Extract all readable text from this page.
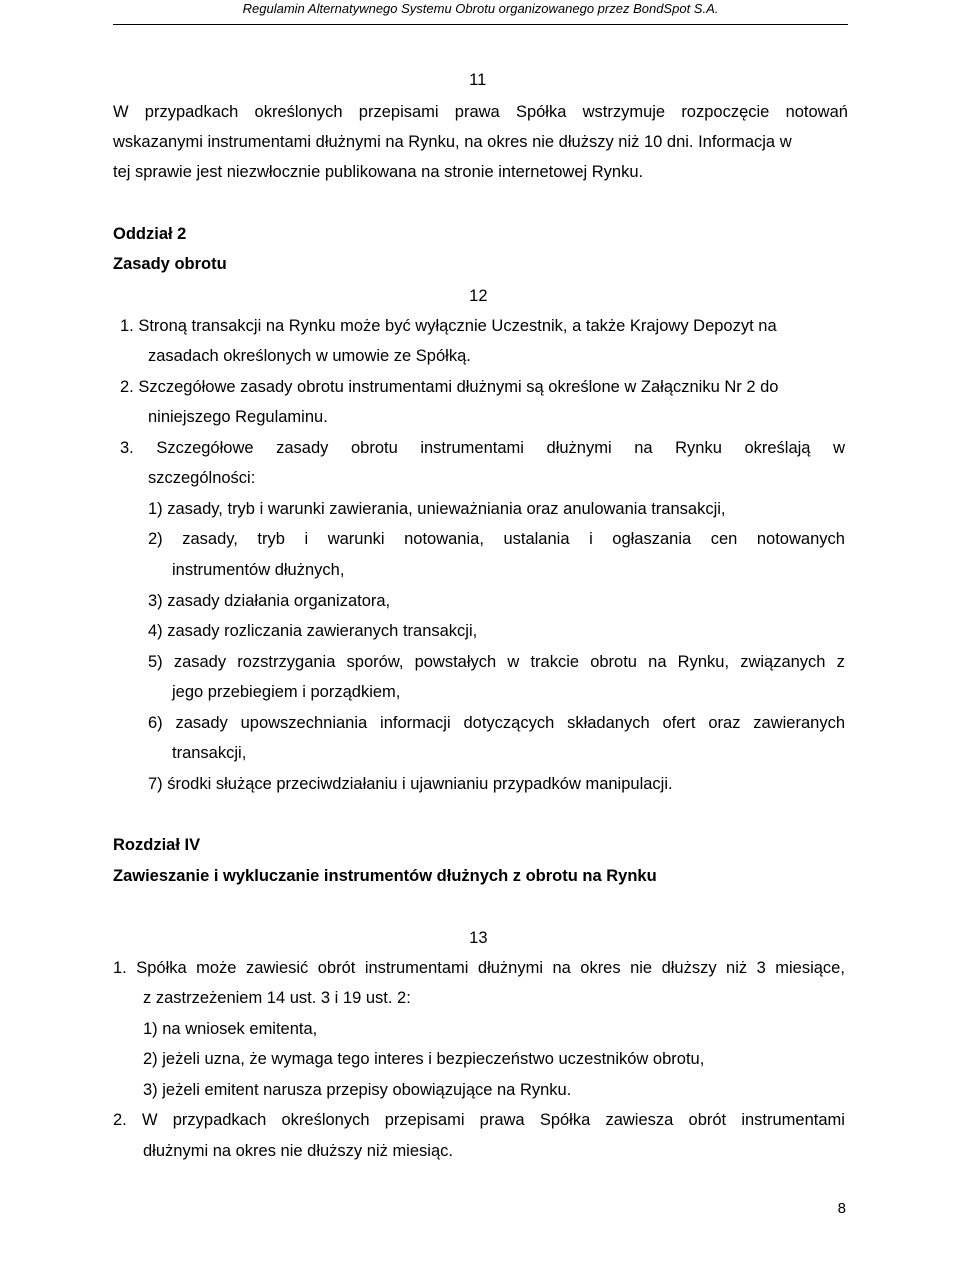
Regulamin Alternatywnego Systemu Obrotu organizowanego przez BondSpot S.A.
11
W przypadkach określonych przepisami prawa Spółka wstrzymuje rozpoczęcie notowań
wskazanymi instrumentami dłużnymi na Rynku, na okres nie dłuższy niż 10 dni. Informacja w
tej sprawie jest niezwłocznie publikowana na stronie internetowej Rynku.
Oddział 2
Zasady obrotu
12
1. Stroną transakcji na Rynku może być wyłącznie Uczestnik, a także Krajowy Depozyt na
zasadach określonych w umowie ze Spółką.
2. Szczegółowe zasady obrotu instrumentami dłużnymi są określone w Załączniku Nr 2 do
niniejszego Regulaminu.
3. Szczegółowe zasady obrotu instrumentami dłużnymi na Rynku określają w
szczególności:
1) zasady, tryb i warunki zawierania, unieważniania oraz anulowania transakcji,
2) zasady, tryb i warunki notowania, ustalania i ogłaszania cen notowanych
instrumentów dłużnych,
3) zasady działania organizatora,
4) zasady rozliczania zawieranych transakcji,
5) zasady rozstrzygania sporów, powstałych w trakcie obrotu na Rynku, związanych z
jego przebiegiem i porządkiem,
6) zasady upowszechniania informacji dotyczących składanych ofert oraz zawieranych
transakcji,
7) środki służące przeciwdziałaniu i ujawnianiu przypadków manipulacji.
Rozdział IV
Zawieszanie i wykluczanie instrumentów dłużnych z obrotu na Rynku
13
1. Spółka może zawiesić obrót instrumentami dłużnymi na okres nie dłuższy niż 3 miesiące,
z zastrzeżeniem 14 ust. 3 i 19 ust. 2:
1) na wniosek emitenta,
2) jeżeli uznа, że wymaga tego interes i bezpieczeństwo uczestników obrotu,
3) jeżeli emitent narusza przepisy obowiązujące na Rynku.
2. W przypadkach określonych przepisami prawa Spółka zawiesza obrót instrumentami
dłużnymi na okres nie dłuższy niż miesiąc.
8
